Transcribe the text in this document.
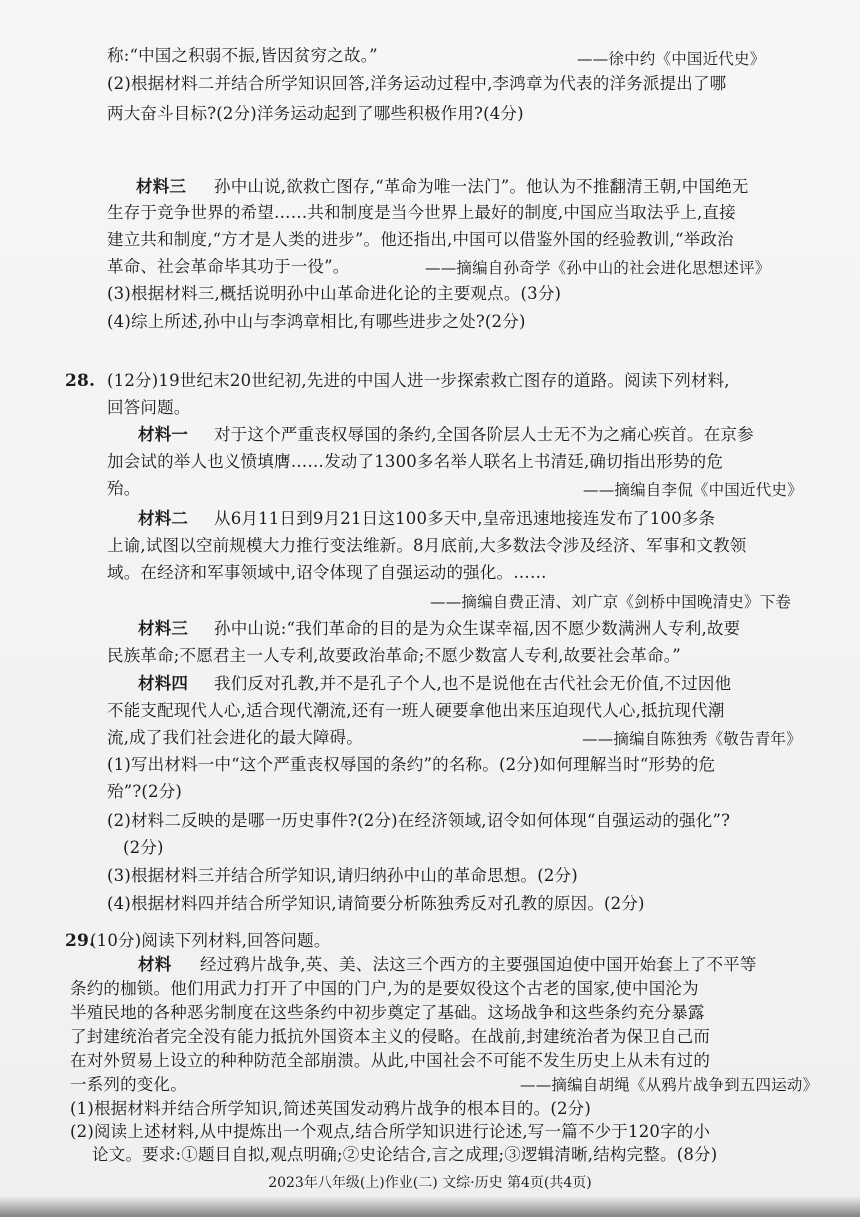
称:“中国之积弱不振,皆因贫穷之故。”	——徐中约《中国近代史》
(2)根据材料二并结合所学知识回答,洋务运动过程中,李鸿章为代表的洋务派提出了哪
两大奋斗目标?(2分)洋务运动起到了哪些积极作用?(4分)
材料三 孙中山说,欲救亡图存,“革命为唯一法门”。他认为不推翻清王朝,中国绝无
生存于竞争世界的希望……共和制度是当今世界上最好的制度,中国应当取法乎上,直接
建立共和制度,“方才是人类的进步”。他还指出,中国可以借鉴外国的经验教训,“举政治
革命、社会革命毕其功于一役”。	——摘编自孙奇学《孙中山的社会进化思想述评》
(3)根据材料三,概括说明孙中山革命进化论的主要观点。(3分)
(4)综上所述,孙中山与李鸿章相比,有哪些进步之处?(2分)
28. (12分)19世纪末20世纪初,先进的中国人进一步探索救亡图存的道路。阅读下列材料,
回答问题。
材料一 对于这个严重丧权辱国的条约,全国各阶层人士无不为之痛心疾首。在京参
加会试的举人也义愤填膺……发动了1300多名举人联名上书清廷,确切指出形势的危
殆。	——摘编自李侃《中国近代史》
材料二 从6月11日到9月21日这100多天中,皇帝迅速地接连发布了100多条
上谕,试图以空前规模大力推行变法维新。8月底前,大多数法令涉及经济、军事和文教领
域。在经济和军事领域中,诏令体现了自强运动的强化。……
——摘编自费正清、刘广京《剑桥中国晚清史》下卷
材料三 孙中山说:“我们革命的目的是为众生谋幸福,因不愿少数满洲人专利,故要
民族革命;不愿君主一人专利,故要政治革命;不愿少数富人专利,故要社会革命。”
材料四 我们反对孔教,并不是孔子个人,也不是说他在古代社会无价值,不过因他
不能支配现代人心,适合现代潮流,还有一班人硬要拿他出来压迫现代人心,抵抗现代潮
流,成了我们社会进化的最大障碍。	——摘编自陈独秀《敬告青年》
(1)写出材料一中“这个严重丧权辱国的条约”的名称。(2分)如何理解当时“形势的危
殆”?(2分)
(2)材料二反映的是哪一历史事件?(2分)在经济领域,诏令如何体现“自强运动的强化”?
(2分)
(3)根据材料三并结合所学知识,请归纳孙中山的革命思想。(2分)
(4)根据材料四并结合所学知识,请简要分析陈独秀反对孔教的原因。(2分)
29.
(10分)阅读下列材料,回答问题。
材料 经过鸦片战争,英、美、法这三个西方的主要强国迫使中国开始套上了不平等
条约的枷锁。他们用武力打开了中国的门户,为的是要奴役这个古老的国家,使中国沦为
半殖民地的各种恶劣制度在这些条约中初步奠定了基础。这场战争和这些条约充分暴露
了封建统治者完全没有能力抵抗外国资本主义的侵略。在战前,封建统治者为保卫自己而
在对外贸易上设立的种种防范全部崩溃。从此,中国社会不可能不发生历史上从未有过的
一系列的变化。	——摘编自胡绳《从鸦片战争到五四运动》
(1)根据材料并结合所学知识,简述英国发动鸦片战争的根本目的。(2分)
(2)阅读上述材料,从中提炼出一个观点,结合所学知识进行论述,写一篇不少于120字的小
论文。要求:①题目自拟,观点明确;②史论结合,言之成理;③逻辑清晰,结构完整。(8分)
2023年八年级(上)作业(二) 文综·历史 第4页(共4页)
